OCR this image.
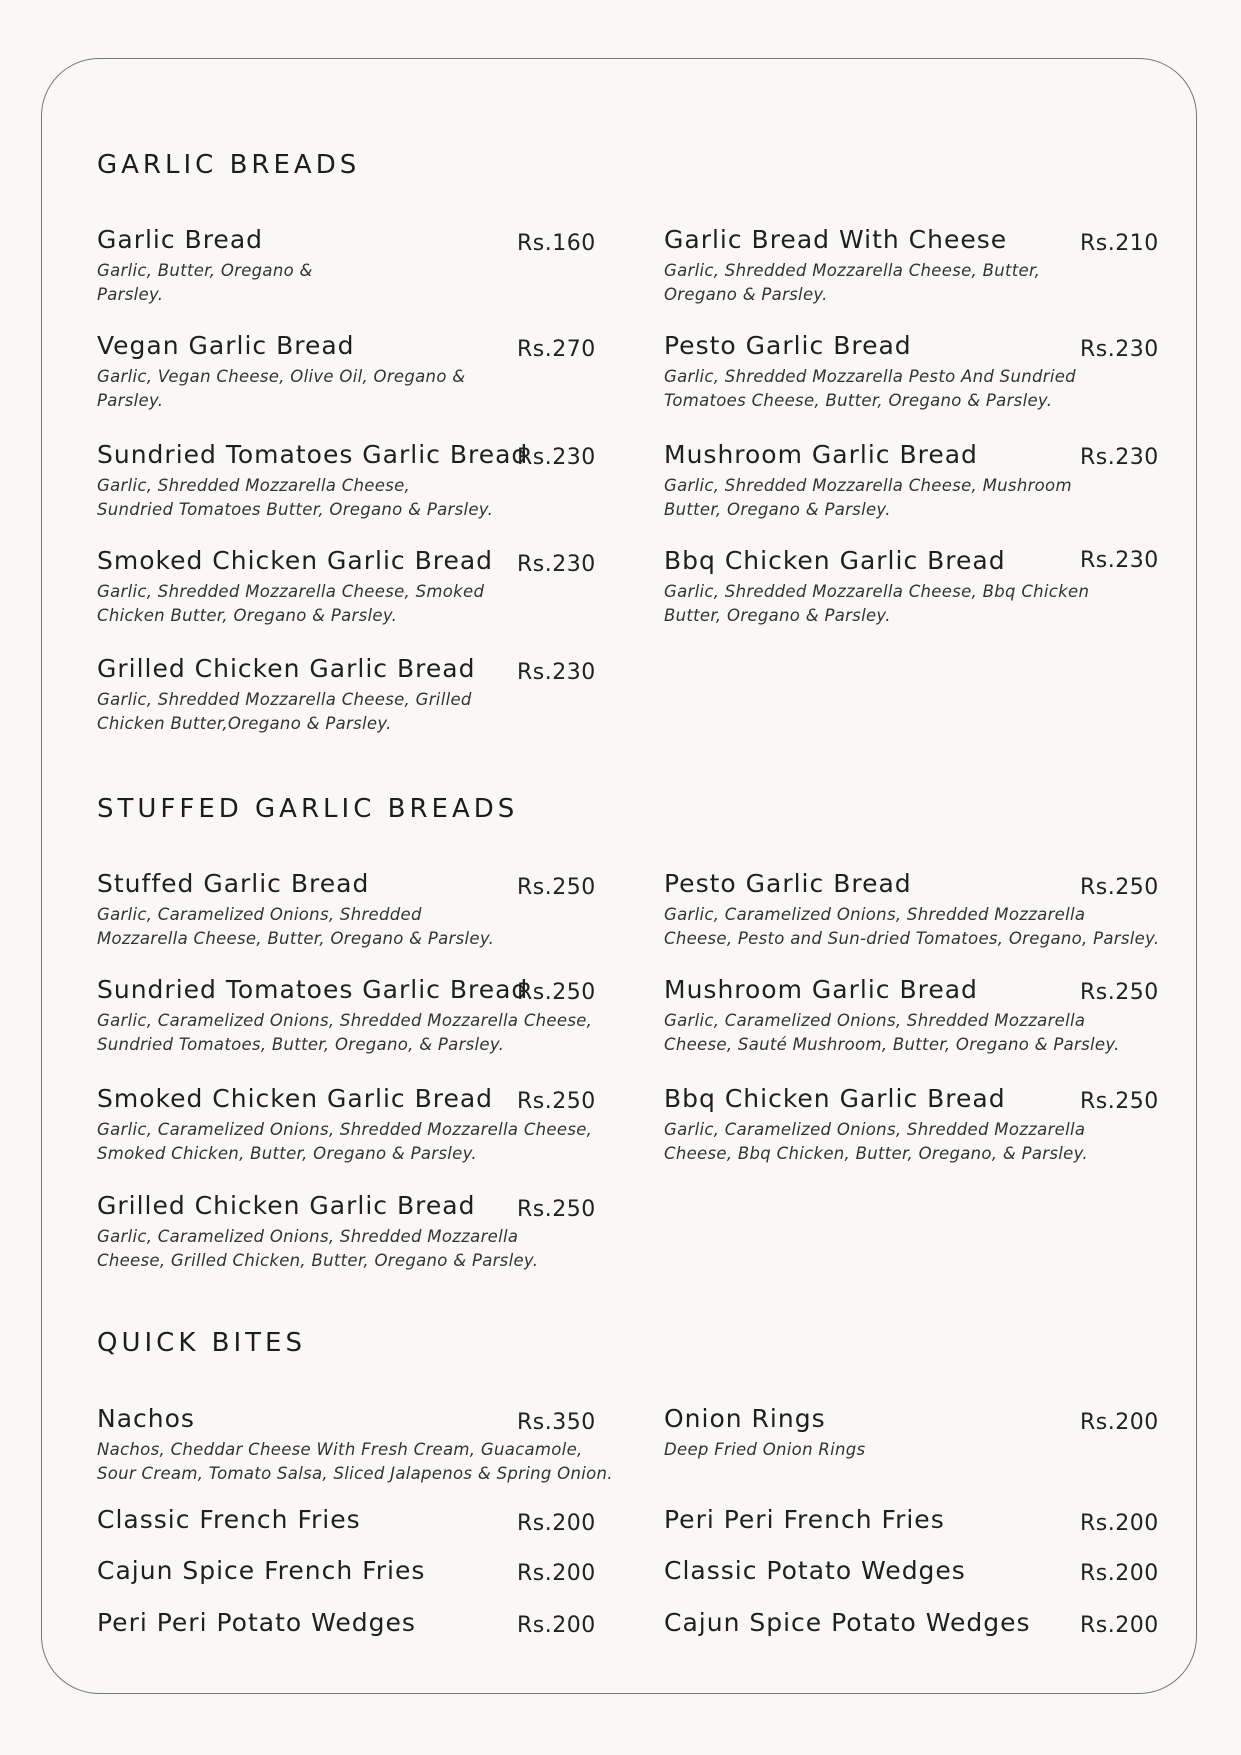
GARLIC BREADS
Garlic Bread
Garlic, Butter, Oregano &
Parsley.
Rs.160
Vegan Garlic Bread
Garlic, Vegan Cheese, Olive Oil, Oregano &
Parsley.
Rs.270
Sundried Tomatoes Garlic Bread
Garlic, Shredded Mozzarella Cheese,
Sundried Tomatoes Butter, Oregano & Parsley.
Rs.230
Smoked Chicken Garlic Bread
Garlic, Shredded Mozzarella Cheese, Smoked
Chicken Butter, Oregano & Parsley.
Rs.230
Grilled Chicken Garlic Bread
Garlic, Shredded Mozzarella Cheese, Grilled
Chicken Butter,Oregano & Parsley.
Rs.230
Garlic Bread With Cheese
Garlic, Shredded Mozzarella Cheese, Butter,
Oregano & Parsley.
Rs.210
Pesto Garlic Bread
Garlic, Shredded Mozzarella Pesto And Sundried
Tomatoes Cheese, Butter, Oregano & Parsley.
Rs.230
Mushroom Garlic Bread
Garlic, Shredded Mozzarella Cheese, Mushroom
Butter, Oregano & Parsley.
Rs.230
Bbq Chicken Garlic Bread
Garlic, Shredded Mozzarella Cheese, Bbq Chicken
Butter, Oregano & Parsley.
Rs.230
STUFFED GARLIC BREADS
Stuffed Garlic Bread
Garlic, Caramelized Onions, Shredded
Mozzarella Cheese, Butter, Oregano & Parsley.
Rs.250
Sundried Tomatoes Garlic Bread
Garlic, Caramelized Onions, Shredded Mozzarella Cheese,
Sundried Tomatoes, Butter, Oregano, & Parsley.
Rs.250
Smoked Chicken Garlic Bread
Garlic, Caramelized Onions, Shredded Mozzarella Cheese,
Smoked Chicken, Butter, Oregano & Parsley.
Rs.250
Grilled Chicken Garlic Bread
Garlic, Caramelized Onions, Shredded Mozzarella
Cheese, Grilled Chicken, Butter, Oregano & Parsley.
Rs.250
Pesto Garlic Bread
Garlic, Caramelized Onions, Shredded Mozzarella
Cheese, Pesto and Sun-dried Tomatoes, Oregano, Parsley.
Rs.250
Mushroom Garlic Bread
Garlic, Caramelized Onions, Shredded Mozzarella
Cheese, Sauté Mushroom, Butter, Oregano & Parsley.
Rs.250
Bbq Chicken Garlic Bread
Garlic, Caramelized Onions, Shredded Mozzarella
Cheese, Bbq Chicken, Butter, Oregano, & Parsley.
Rs.250
QUICK BITES
Nachos
Nachos, Cheddar Cheese With Fresh Cream, Guacamole,
Sour Cream, Tomato Salsa, Sliced Jalapenos & Spring Onion.
Rs.350
Classic French Fries	Rs.200
Cajun Spice French Fries	Rs.200
Peri Peri Potato Wedges	Rs.200
Onion Rings
Deep Fried Onion Rings
Rs.200
Peri Peri French Fries	Rs.200
Classic Potato Wedges	Rs.200
Cajun Spice Potato Wedges Rs.200
